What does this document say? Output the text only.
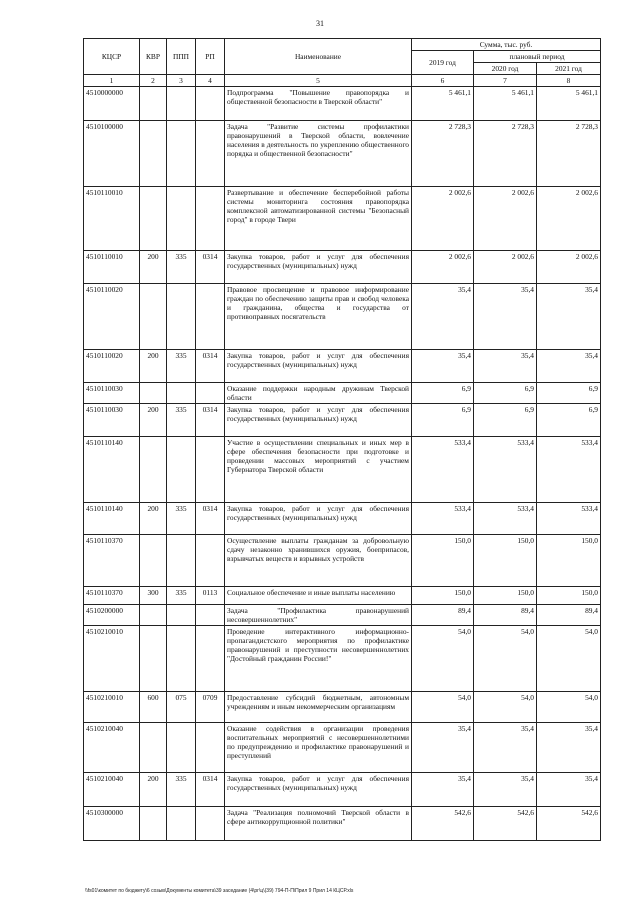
31
КЦСР	КВР	ППП	РП	Наименование	Сумма, тыс. руб.		
					2019 год	плановый период	
						2020 год	2021 год
1	2	3	4	5	6	7	8
4510000000				Подпрограмма "Повышение правопорядка и общественной безопасности в Тверской области"	5 461,1	5 461,1	5 461,1
4510100000				Задача "Развитие системы профилактики правонарушений в Тверской области, вовлечение населения в деятельность по укреплению общественного порядка и общественной безопасности"	2 728,3	2 728,3	2 728,3
4510110010				Развертывание и обеспечение бесперебойной работы системы мониторинга состояния правопорядка комплексной автоматизированной системы "Безопасный город" в городе Твери	2 002,6	2 002,6	2 002,6
4510110010	200	335	0314	Закупка товаров, работ и услуг для обеспечения государственных (муниципальных) нужд	2 002,6	2 002,6	2 002,6
4510110020				Правовое просвещение и правовое информирование граждан по обеспечению защиты прав и свобод человека и гражданина, общества и государства от противоправных посягательств	35,4	35,4	35,4
4510110020	200	335	0314	Закупка товаров, работ и услуг для обеспечения государственных (муниципальных) нужд	35,4	35,4	35,4
4510110030				Оказание поддержки народным дружинам Тверской области	6,9	6,9	6,9
4510110030	200	335	0314	Закупка товаров, работ и услуг для обеспечения государственных (муниципальных) нужд	6,9	6,9	6,9
4510110140				Участие в осуществлении специальных и иных мер в сфере обеспечения безопасности при подготовке и проведении массовых мероприятий с участием Губернатора Тверской области	533,4	533,4	533,4
4510110140	200	335	0314	Закупка товаров, работ и услуг для обеспечения государственных (муниципальных) нужд	533,4	533,4	533,4
4510110370				Осуществление выплаты гражданам за добровольную сдачу незаконно хранившихся оружия, боеприпасов, взрывчатых веществ и взрывных устройств	150,0	150,0	150,0
4510110370	300	335	0113	Социальное обеспечение и иные выплаты населению	150,0	150,0	150,0
4510200000				Задача "Профилактика правонарушений несовершеннолетних"	89,4	89,4	89,4
4510210010				Проведение интерактивного информационно-пропагандистского мероприятия по профилактике правонарушений и преступности несовершеннолетних "Достойный гражданин России!"	54,0	54,0	54,0
4510210010	600	075	0709	Предоставление субсидий бюджетным, автономным учреждениям и иным некоммерческим организациям	54,0	54,0	54,0
4510210040				Оказание содействия в организации проведения воспитательных мероприятий с несовершеннолетними по предупреждению и профилактике правонарушений и преступлений	35,4	35,4	35,4
4510210040	200	335	0314	Закупка товаров, работ и услуг для обеспечения государственных (муниципальных) нужд	35,4	35,4	35,4
4510300000				Задача "Реализация полномочий Тверской области в сфере антикоррупционной политики"	542,6	542,6	542,6
\\fs01\комитет по бюджету\6 созыв\Документы комитета\39 заседание (4\рг\ц\(39) 794-П-П\Прил 9 Прил 14 КЦСР.xls
